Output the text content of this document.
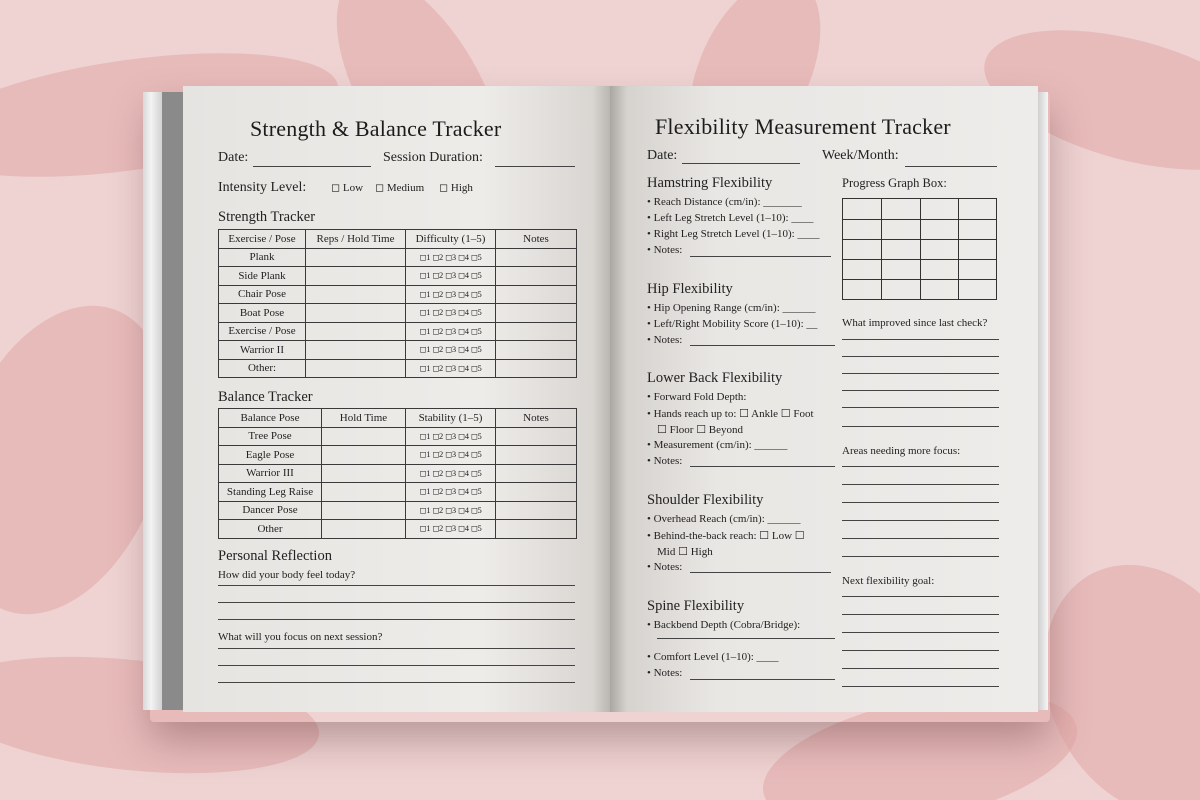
Strength & Balance Tracker
Date:	Session Duration:
Intensity Level: ◻ Low ◻ Medium ◻ High
Strength Tracker
Exercise / Pose	Reps / Hold Time	Difficulty (1–5)	Notes
Plank		◻1 ◻2 ◻3 ◻4 ◻5	
Side Plank		◻1 ◻2 ◻3 ◻4 ◻5	
Chair Pose		◻1 ◻2 ◻3 ◻4 ◻5	
Boat Pose		◻1 ◻2 ◻3 ◻4 ◻5	
Exercise / Pose		◻1 ◻2 ◻3 ◻4 ◻5	
Warrior II		◻1 ◻2 ◻3 ◻4 ◻5	
Other:		◻1 ◻2 ◻3 ◻4 ◻5	
Balance Tracker
Balance Pose	Hold Time	Stability (1–5)	Notes
Tree Pose		◻1 ◻2 ◻3 ◻4 ◻5	
Eagle Pose		◻1 ◻2 ◻3 ◻4 ◻5	
Warrior III		◻1 ◻2 ◻3 ◻4 ◻5	
Standing Leg Raise		◻1 ◻2 ◻3 ◻4 ◻5	
Dancer Pose		◻1 ◻2 ◻3 ◻4 ◻5	
Other		◻1 ◻2 ◻3 ◻4 ◻5	
Personal Reflection
How did your body feel today?
What will you focus on next session?
Flexibility Measurement Tracker
Date:	Week/Month:
Hamstring Flexibility
• Reach Distance (cm/in): _______
• Left Leg Stretch Level (1–10): ____
• Right Leg Stretch Level (1–10): ____
• Notes:
Hip Flexibility
• Hip Opening Range (cm/in): ______
• Left/Right Mobility Score (1–10): __
• Notes:
Lower Back Flexibility
• Forward Fold Depth:
• Hands reach up to: ☐ Ankle ☐ Foot
☐ Floor ☐ Beyond
• Measurement (cm/in): ______
• Notes:
Shoulder Flexibility
• Overhead Reach (cm/in): ______
• Behind-the-back reach: ☐ Low ☐
Mid ☐ High
• Notes:
Spine Flexibility
• Backbend Depth (Cobra/Bridge):
• Comfort Level (1–10): ____
• Notes:
Progress Graph Box:
What improved since last check?
Areas needing more focus:
Next flexibility goal:
